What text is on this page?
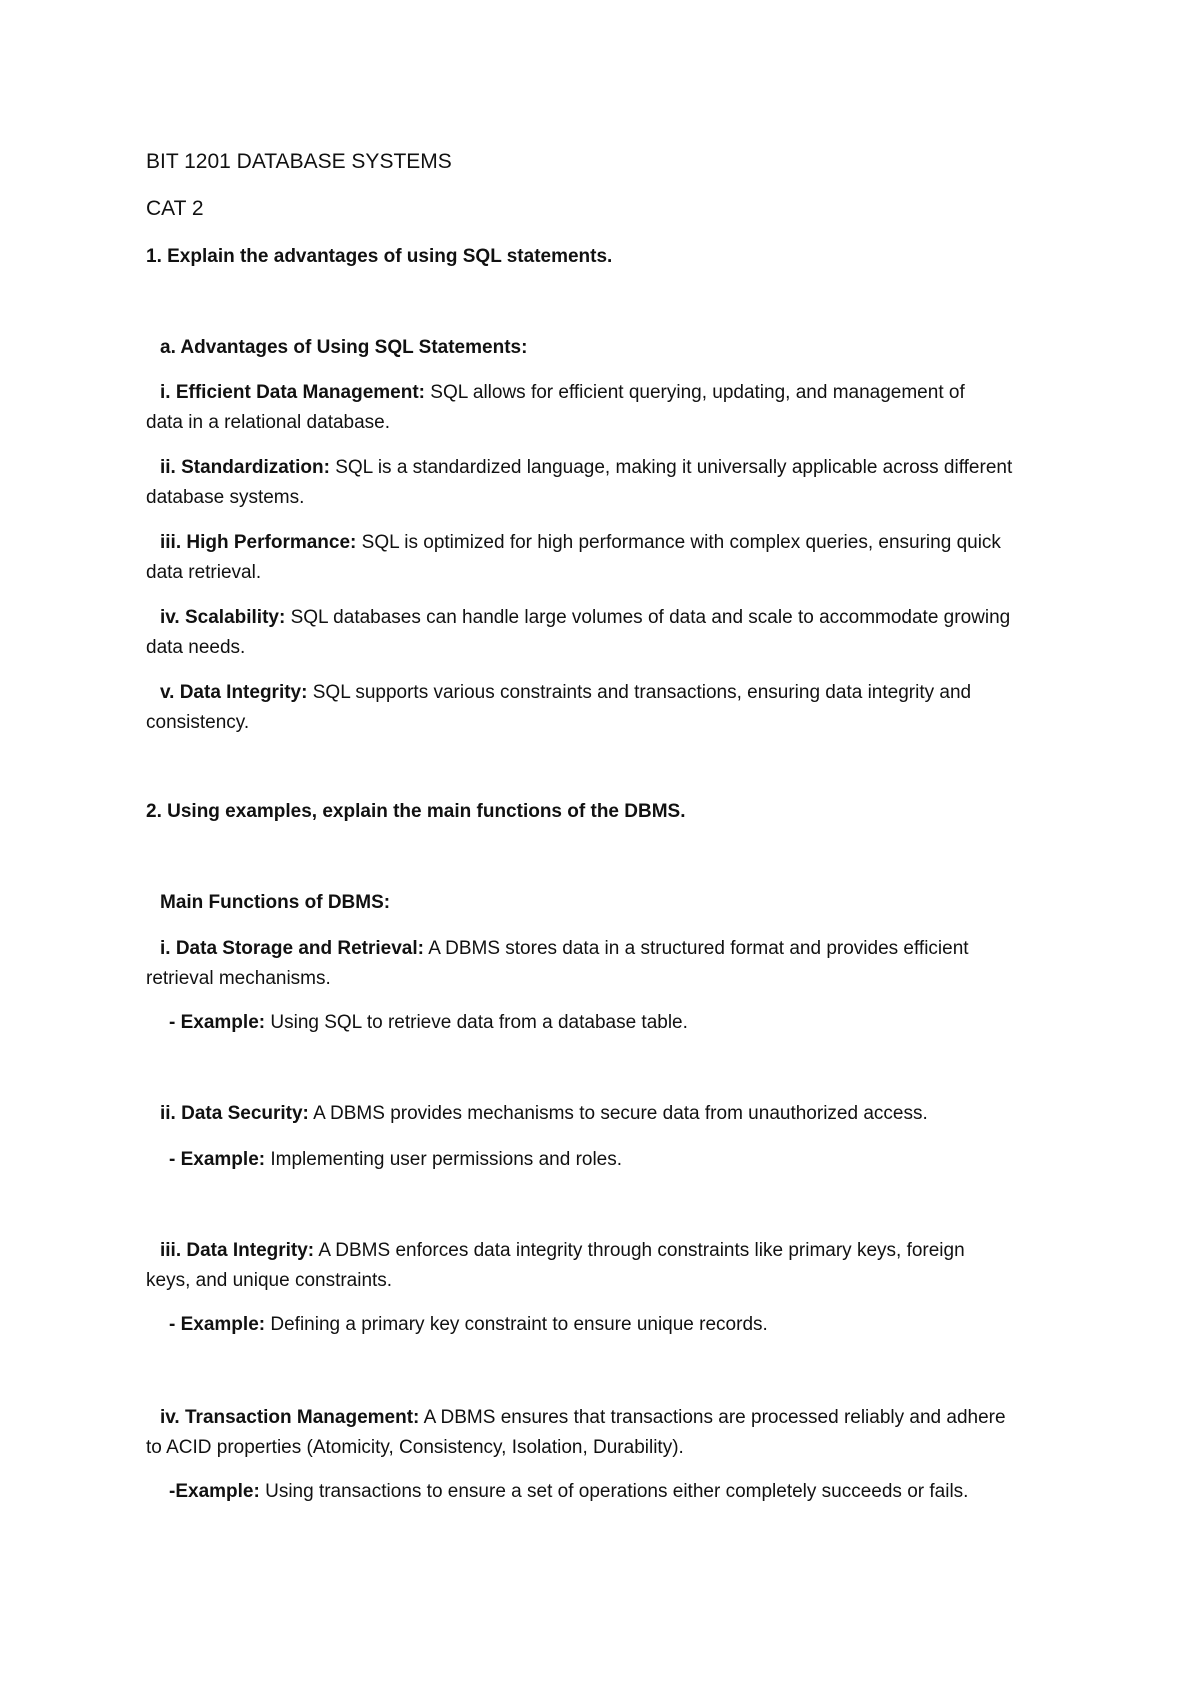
BIT 1201 DATABASE SYSTEMS
CAT 2
1. Explain the advantages of using SQL statements.
a. Advantages of Using SQL Statements:
i. Efficient Data Management: SQL allows for efficient querying, updating, and management of
data in a relational database.
ii. Standardization: SQL is a standardized language, making it universally applicable across different
database systems.
iii. High Performance: SQL is optimized for high performance with complex queries, ensuring quick
data retrieval.
iv. Scalability: SQL databases can handle large volumes of data and scale to accommodate growing
data needs.
v. Data Integrity: SQL supports various constraints and transactions, ensuring data integrity and
consistency.
2. Using examples, explain the main functions of the DBMS.
Main Functions of DBMS:
i. Data Storage and Retrieval: A DBMS stores data in a structured format and provides efficient
retrieval mechanisms.
- Example: Using SQL to retrieve data from a database table.
ii. Data Security: A DBMS provides mechanisms to secure data from unauthorized access.
- Example: Implementing user permissions and roles.
iii. Data Integrity: A DBMS enforces data integrity through constraints like primary keys, foreign
keys, and unique constraints.
- Example: Defining a primary key constraint to ensure unique records.
iv. Transaction Management: A DBMS ensures that transactions are processed reliably and adhere
to ACID properties (Atomicity, Consistency, Isolation, Durability).
-Example: Using transactions to ensure a set of operations either completely succeeds or fails.
